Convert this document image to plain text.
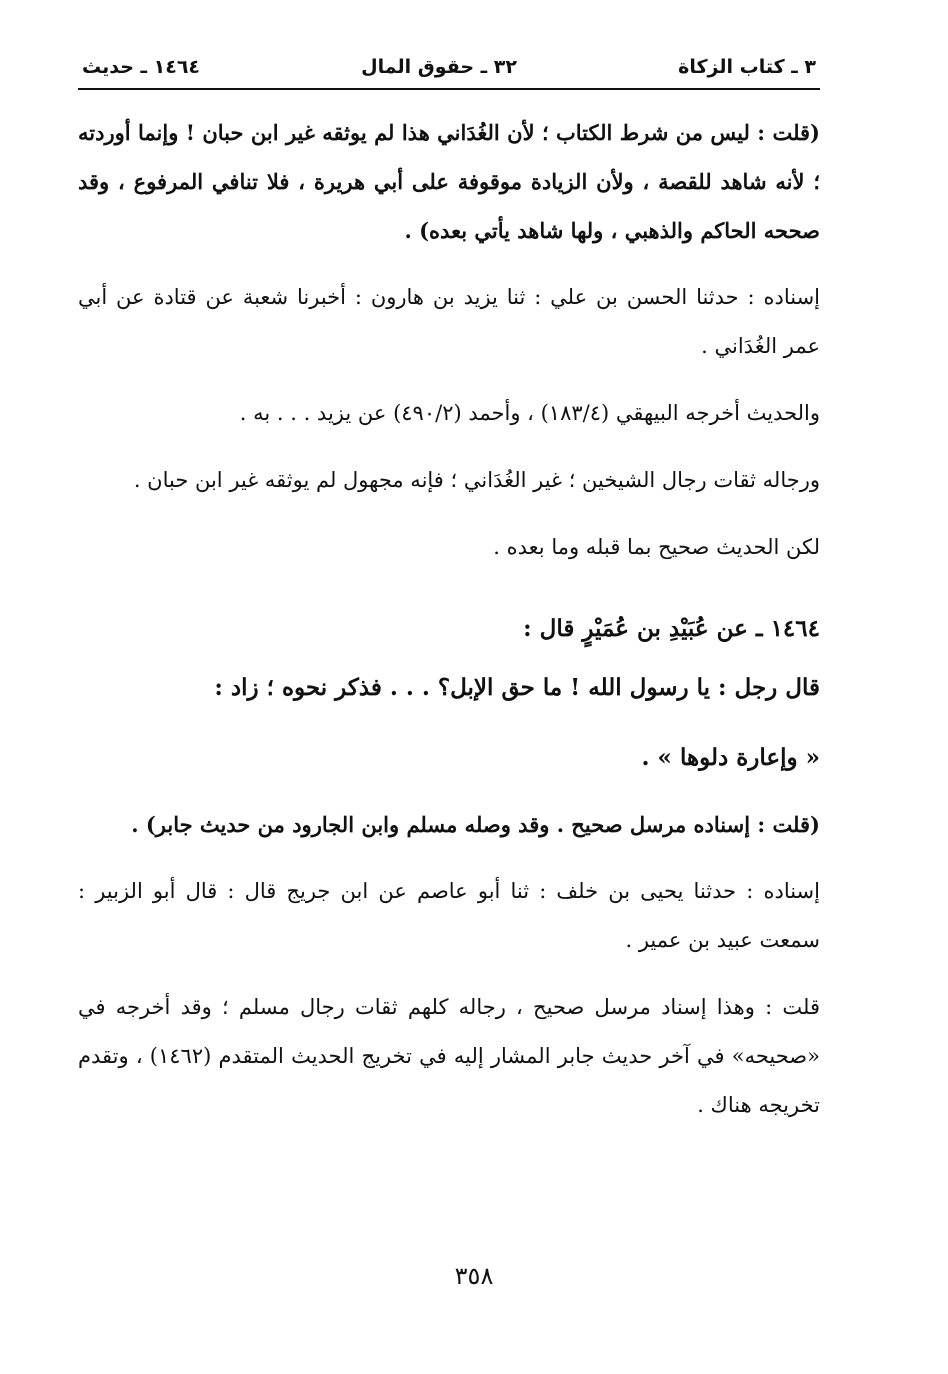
٣ ـ كتاب الزكاة
٣٢ ـ حقوق المال
١٤٦٤ ـ حديث

(قلت : ليس من شرط الكتاب ؛ لأن الغُدَاني هذا لم يوثقه غير ابن حبان ! وإنما أوردته ؛ لأنه شاهد للقصة ، ولأن الزيادة موقوفة على أبي هريرة ، فلا تنافي المرفوع ، وقد صححه الحاكم والذهبي ، ولها شاهد يأتي بعده) .

إسناده : حدثنا الحسن بن علي : ثنا يزيد بن هارون : أخبرنا شعبة عن قتادة عن أبي عمر الغُدَاني .

والحديث أخرجه البيهقي (١٨٣/٤) ، وأحمد (٤٩٠/٢) عن يزيد . . . به .

ورجاله ثقات رجال الشيخين ؛ غير الغُدَاني ؛ فإنه مجهول لم يوثقه غير ابن حبان .

لكن الحديث صحيح بما قبله وما بعده .

١٤٦٤ ـ عن عُبَيْدِ بن عُمَيْرٍ قال :
قال رجل : يا رسول الله ! ما حق الإبل؟ . . . فذكر نحوه ؛ زاد :
« وإعارة دلوها » .

(قلت : إسناده مرسل صحيح . وقد وصله مسلم وابن الجارود من حديث جابر) .

إسناده : حدثنا يحيى بن خلف : ثنا أبو عاصم عن ابن جريج قال : قال أبو الزبير : سمعت عبيد بن عمير .

قلت : وهذا إسناد مرسل صحيح ، رجاله كلهم ثقات رجال مسلم ؛ وقد أخرجه في «صحيحه» في آخر حديث جابر المشار إليه في تخريج الحديث المتقدم (١٤٦٢) ، وتقدم تخريجه هناك .

٣٥٨
